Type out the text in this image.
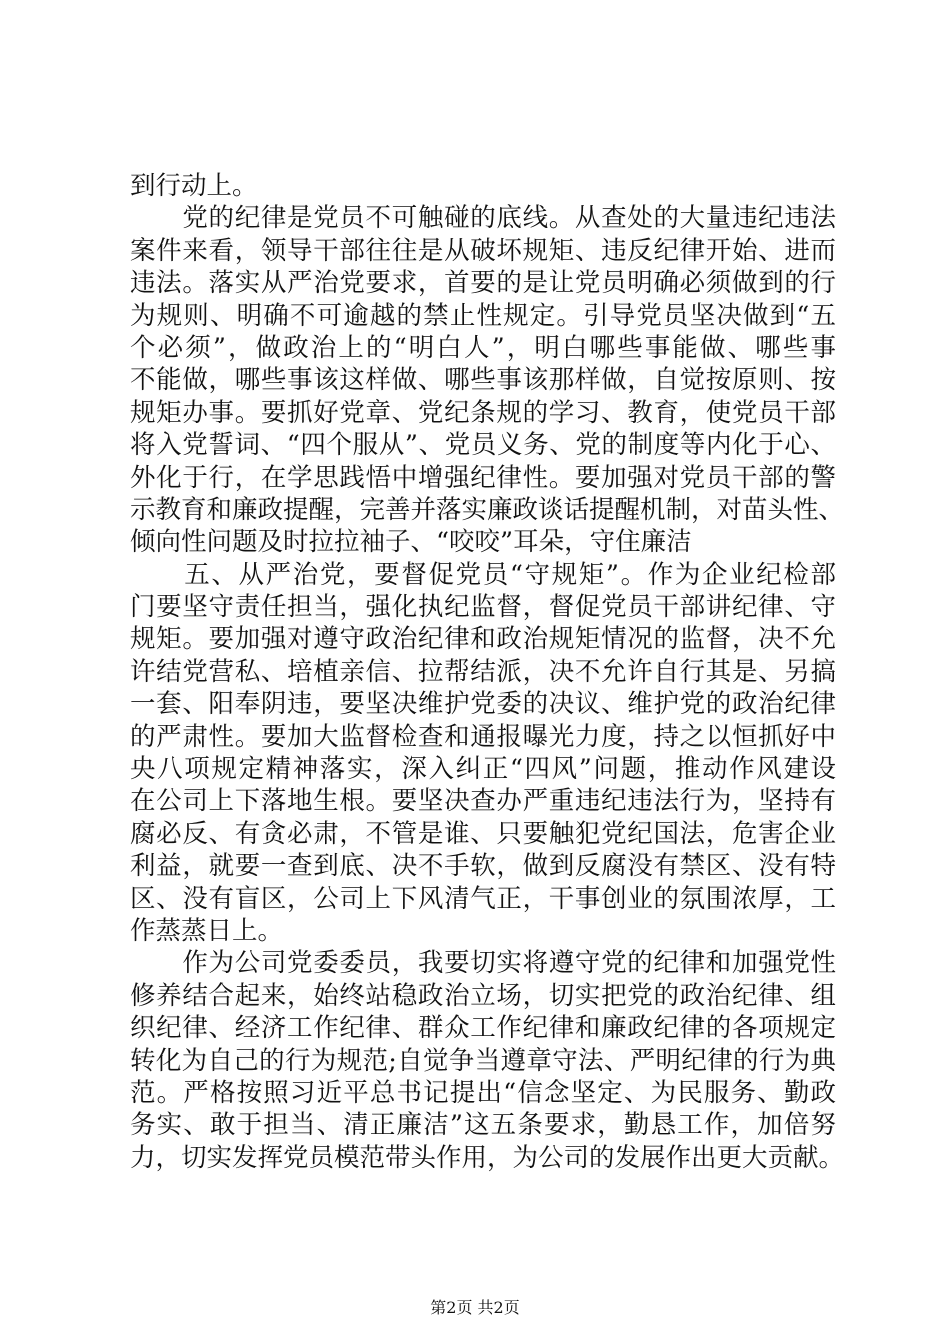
到行动上。
　　党的纪律是党员不可触碰的底线。从查处的大量违纪违法
案件来看，领导干部往往是从破坏规矩、违反纪律开始、进而
违法。落实从严治党要求，首要的是让党员明确必须做到的行
为规则、明确不可逾越的禁止性规定。引导党员坚决做到“五
个必须”，做政治上的“明白人”，明白哪些事能做、哪些事
不能做，哪些事该这样做、哪些事该那样做，自觉按原则、按
规矩办事。要抓好党章、党纪条规的学习、教育，使党员干部
将入党誓词、“四个服从”、党员义务、党的制度等内化于心、
外化于行，在学思践悟中增强纪律性。要加强对党员干部的警
示教育和廉政提醒，完善并落实廉政谈话提醒机制，对苗头性、
倾向性问题及时拉拉袖子、“咬咬”耳朵，守住廉洁
　　五、从严治党，要督促党员“守规矩”。作为企业纪检部
门要坚守责任担当，强化执纪监督，督促党员干部讲纪律、守
规矩。要加强对遵守政治纪律和政治规矩情况的监督，决不允
许结党营私、培植亲信、拉帮结派，决不允许自行其是、另搞
一套、阳奉阴违，要坚决维护党委的决议、维护党的政治纪律
的严肃性。要加大监督检查和通报曝光力度，持之以恒抓好中
央八项规定精神落实，深入纠正“四风”问题，推动作风建设
在公司上下落地生根。要坚决查办严重违纪违法行为，坚持有
腐必反、有贪必肃，不管是谁、只要触犯党纪国法，危害企业
利益，就要一查到底、决不手软，做到反腐没有禁区、没有特
区、没有盲区，公司上下风清气正，干事创业的氛围浓厚，工
作蒸蒸日上。
　　作为公司党委委员，我要切实将遵守党的纪律和加强党性
修养结合起来，始终站稳政治立场，切实把党的政治纪律、组
织纪律、经济工作纪律、群众工作纪律和廉政纪律的各项规定
转化为自己的行为规范;自觉争当遵章守法、严明纪律的行为典
范。严格按照习近平总书记提出“信念坚定、为民服务、勤政
务实、敢于担当、清正廉洁”这五条要求，勤恳工作，加倍努
力，切实发挥党员模范带头作用，为公司的发展作出更大贡献。
第2页 共2页
